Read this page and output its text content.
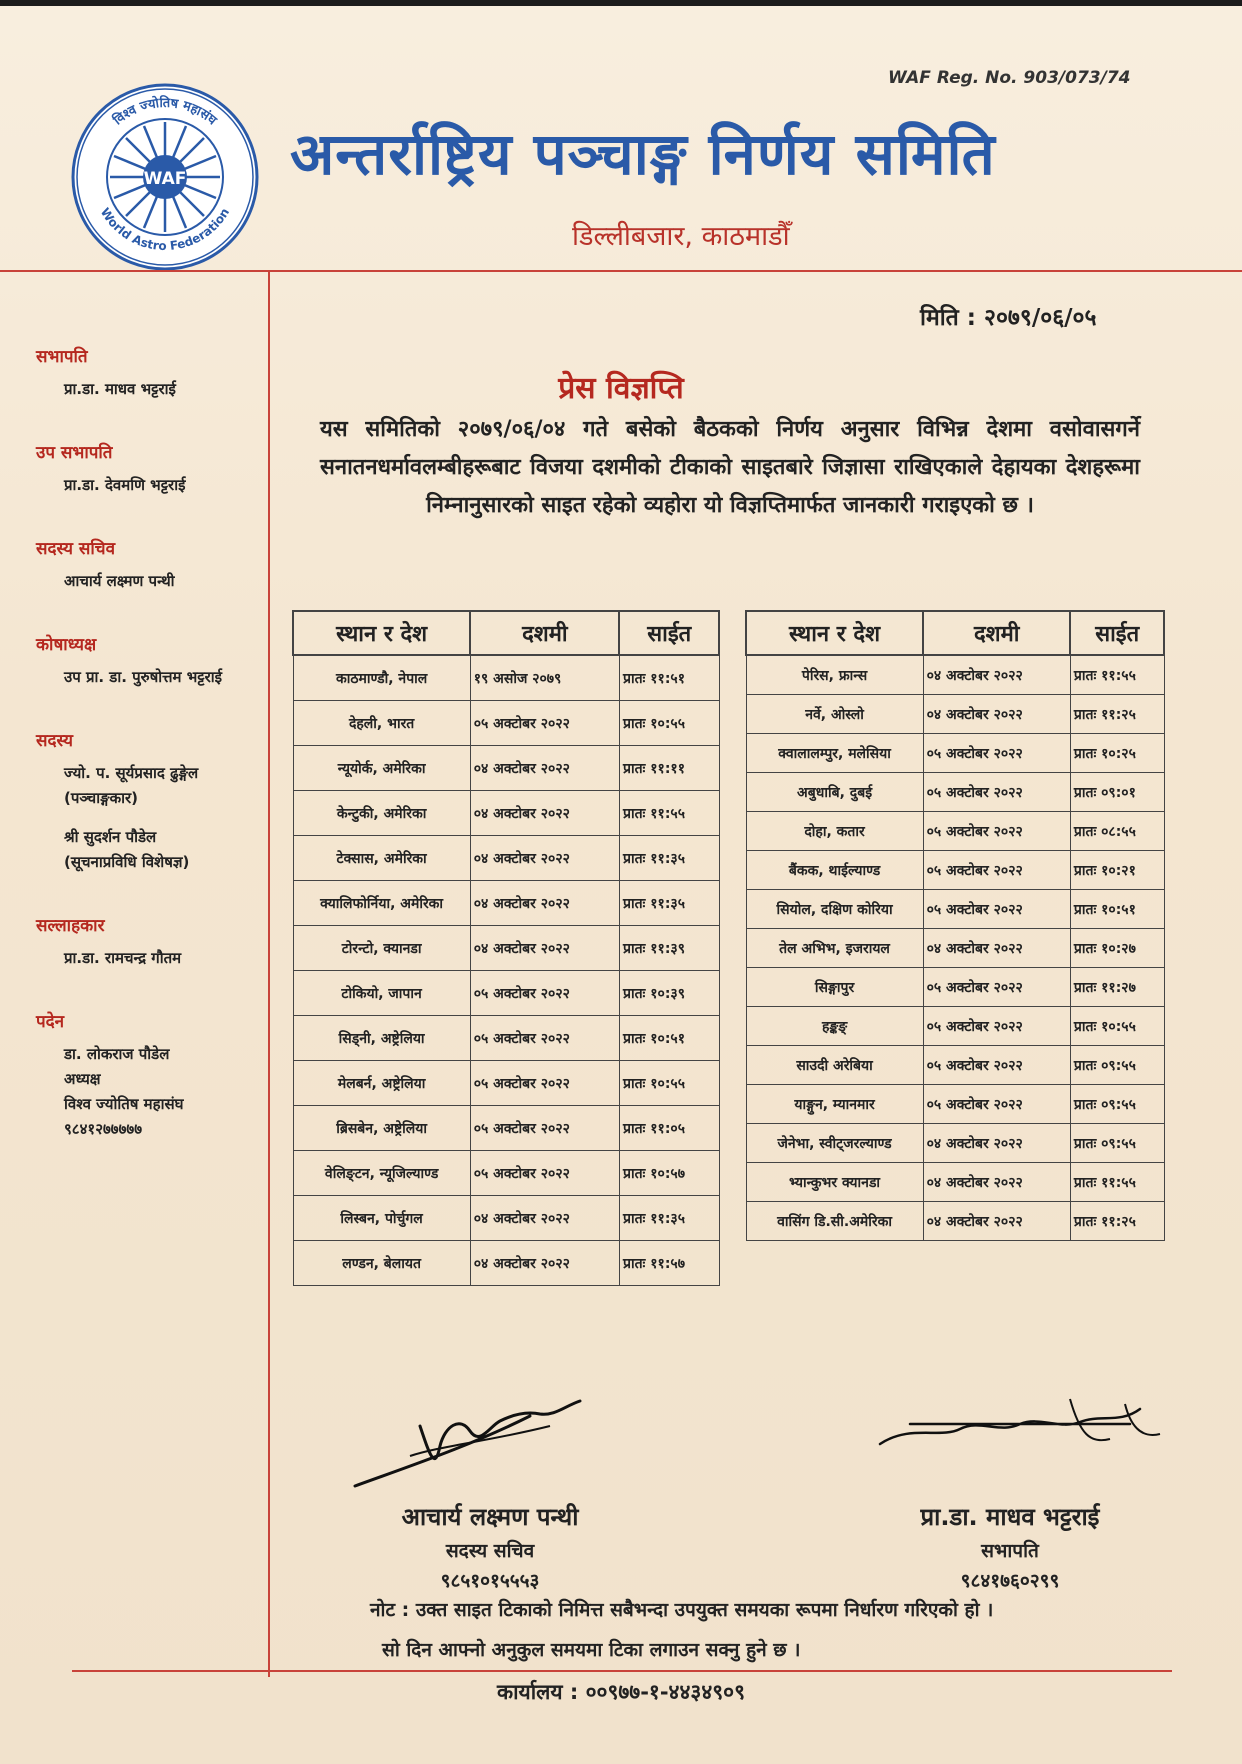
WAF Reg. No. 903/073/74
WAF
विश्व ज्योतिष महासंघ
World Astro Federation
अन्तर्राष्ट्रिय पञ्चाङ्ग निर्णय समिति
डिल्लीबजार, काठमाडौँ
सभापति
प्रा.डा. माधव भट्टराई
उप सभापति
प्रा.डा. देवमणि भट्टराई
सदस्य सचिव
आचार्य लक्ष्मण पन्थी
कोषाध्यक्ष
उप प्रा. डा. पुरुषोत्तम भट्टराई
सदस्य
ज्यो. प. सूर्यप्रसाद ढुङ्गेल
(पञ्चाङ्गकार)
श्री सुदर्शन पौडेल
(सूचनाप्रविधि विशेषज्ञ)
सल्लाहकार
प्रा.डा. रामचन्द्र गौतम
पदेन
डा. लोकराज पौडेल
अध्यक्ष
विश्व ज्योतिष महासंघ
९८४१२७७७७७
मिति : २०७९/०६/०५
प्रेस विज्ञप्ति
यस समितिको २०७९/०६/०४ गते बसेको बैठकको निर्णय अनुसार विभिन्न देशमा वसोवासगर्ने सनातनधर्मावलम्बीहरूबाट विजया दशमीको टीकाको साइतबारे जिज्ञासा राखिएकाले देहायका देशहरूमा निम्नानुसारको साइत रहेको व्यहोरा यो विज्ञप्तिमार्फत जानकारी गराइएको छ ।
स्थान र देश	दशमी	साईत
काठमाण्डौ, नेपाल	१९ असोज २०७९	प्रातः ११:५१
देहली, भारत	०५ अक्टोबर २०२२	प्रातः १०:५५
न्यूयोर्क, अमेरिका	०४ अक्टोबर २०२२	प्रातः ११:११
केन्टुकी, अमेरिका	०४ अक्टोबर २०२२	प्रातः ११:५५
टेक्सास, अमेरिका	०४ अक्टोबर २०२२	प्रातः ११:३५
क्यालिफोर्निया, अमेरिका	०४ अक्टोबर २०२२	प्रातः ११:३५
टोरन्टो, क्यानडा	०४ अक्टोबर २०२२	प्रातः ११:३९
टोकियो, जापान	०५ अक्टोबर २०२२	प्रातः १०:३९
सिड्नी, अष्ट्रेलिया	०५ अक्टोबर २०२२	प्रातः १०:५१
मेलबर्न, अष्ट्रेलिया	०५ अक्टोबर २०२२	प्रातः १०:५५
ब्रिसबेन, अष्ट्रेलिया	०५ अक्टोबर २०२२	प्रातः ११:०५
वेलिङ्टन, न्यूजिल्याण्ड	०५ अक्टोबर २०२२	प्रातः १०:५७
लिस्बन, पोर्चुगल	०४ अक्टोबर २०२२	प्रातः ११:३५
लण्डन, बेलायत	०४ अक्टोबर २०२२	प्रातः ११:५७
स्थान र देश	दशमी	साईत
पेरिस, फ्रान्स	०४ अक्टोबर २०२२	प्रातः ११:५५
नर्वे, ओस्लो	०४ अक्टोबर २०२२	प्रातः ११:२५
क्वालालम्पुर, मलेसिया	०५ अक्टोबर २०२२	प्रातः १०:२५
अबुधाबि, दुबई	०५ अक्टोबर २०२२	प्रातः ०९:०१
दोहा, कतार	०५ अक्टोबर २०२२	प्रातः ०८:५५
बैंकक, थाईल्याण्ड	०५ अक्टोबर २०२२	प्रातः १०:२१
सियोल, दक्षिण कोरिया	०५ अक्टोबर २०२२	प्रातः १०:५१
तेल अभिभ, इजरायल	०४ अक्टोबर २०२२	प्रातः १०:२७
सिङ्गापुर	०५ अक्टोबर २०२२	प्रातः ११:२७
हङ्कङ्	०५ अक्टोबर २०२२	प्रातः १०:५५
साउदी अरेबिया	०५ अक्टोबर २०२२	प्रातः ०९:५५
याङ्गुन, म्यानमार	०५ अक्टोबर २०२२	प्रातः ०९:५५
जेनेभा, स्वीट्जरल्याण्ड	०४ अक्टोबर २०२२	प्रातः ०९:५५
भ्यान्कुभर क्यानडा	०४ अक्टोबर २०२२	प्रातः ११:५५
वासिंग डि.सी.अमेरिका	०४ अक्टोबर २०२२	प्रातः ११:२५
आचार्य लक्ष्मण पन्थी
सदस्य सचिव
९८५१०१५५५३
प्रा.डा. माधव भट्टराई
सभापति
९८४१७६०२९९
नोट : उक्त साइत टिकाको निमित्त सबैभन्दा उपयुक्त समयका रूपमा निर्धारण गरिएको हो ।
सो दिन आफ्नो अनुकुल समयमा टिका लगाउन सक्नु हुने छ ।
कार्यालय : ००९७७-१-४४३४९०९
